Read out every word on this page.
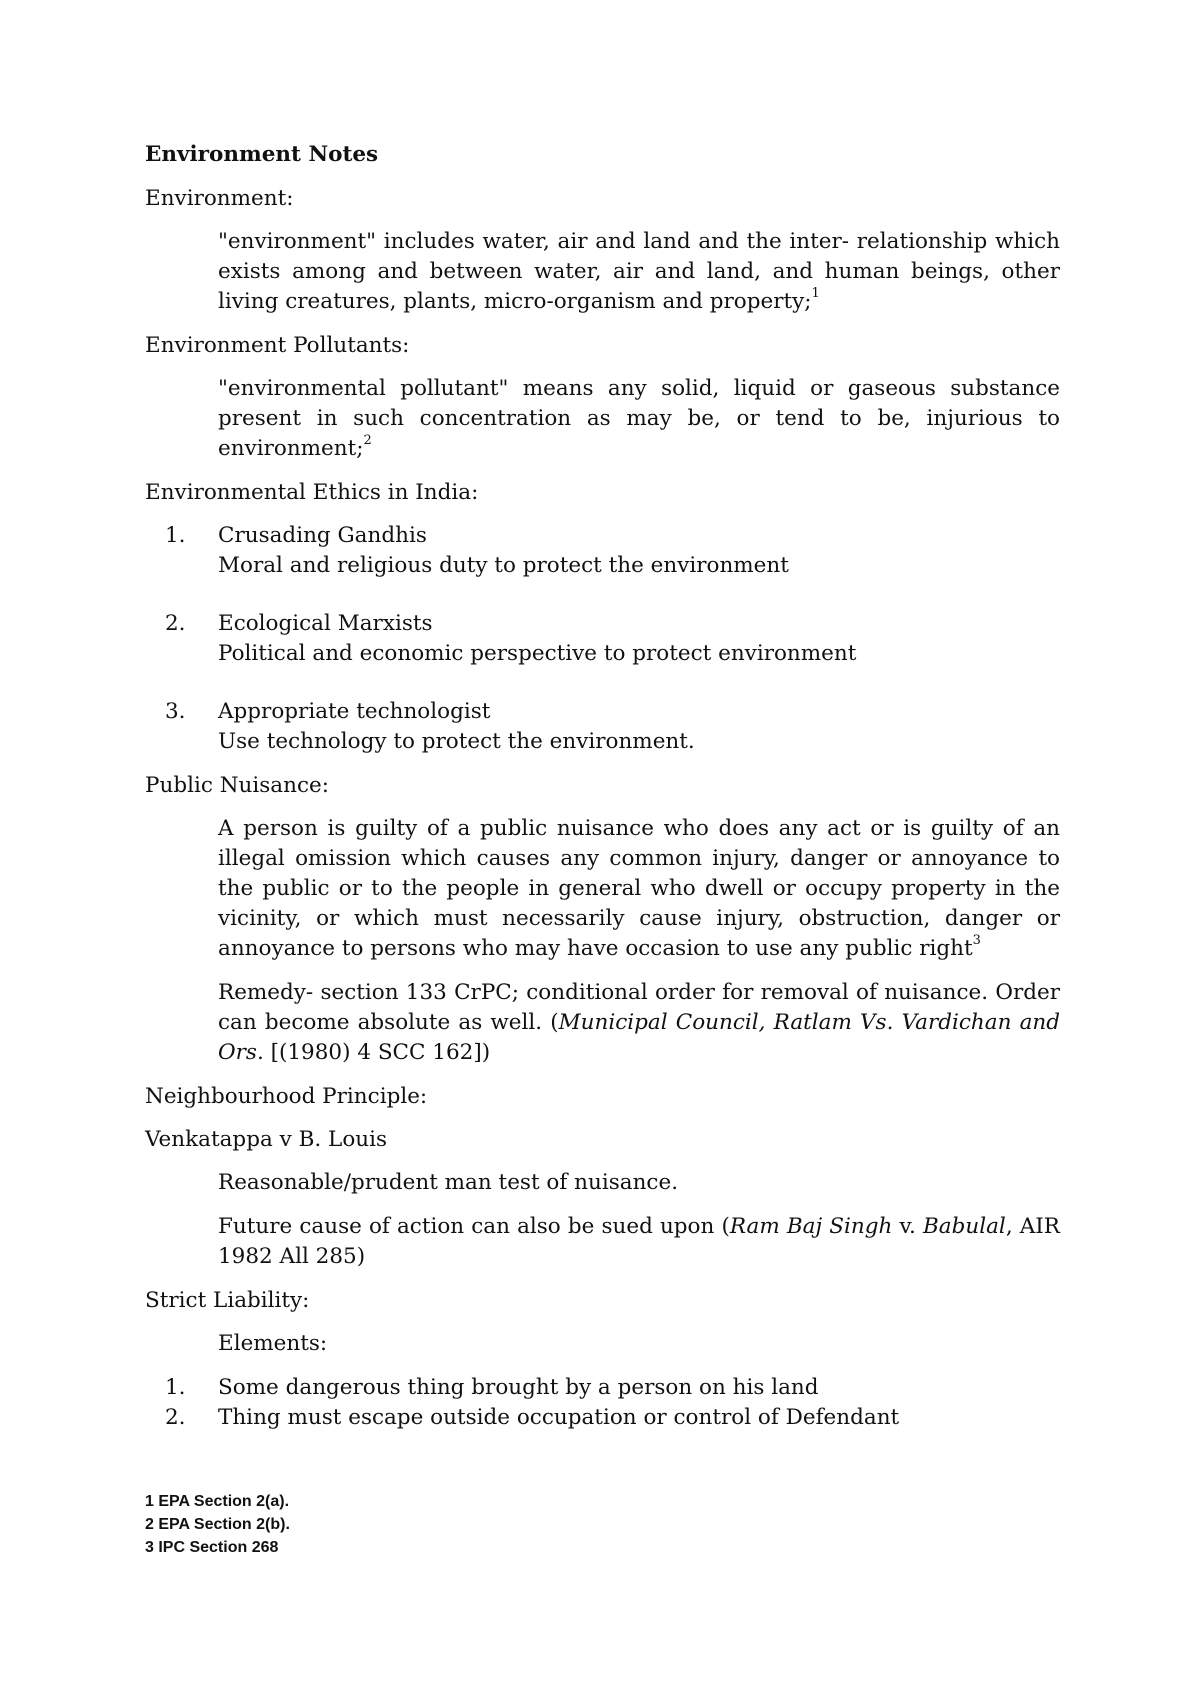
Environment Notes
Environment:
"environment" includes water, air and land and the inter- relationship which exists among and between water, air and land, and human beings, other living creatures, plants, micro-organism and property;$^1$
Environment Pollutants:
"environmental pollutant" means any solid, liquid or gaseous substance present in such concentration as may be, or tend to be, injurious to environment;$^2$
Environmental Ethics in India:
1.	Crusading Gandhis
Moral and religious duty to protect the environment
2.	Ecological Marxists
Political and economic perspective to protect environment
3.	Appropriate technologist
Use technology to protect the environment.
Public Nuisance:
A person is guilty of a public nuisance who does any act or is guilty of an illegal omission which causes any common injury, danger or annoyance to the public or to the people in general who dwell or occupy property in the vicinity, or which must necessarily cause injury, obstruction, danger or annoyance to persons who may have occasion to use any public right$^3$
Remedy- section 133 CrPC; conditional order for removal of nuisance. Order can become absolute as well. (Municipal Council, Ratlam Vs. Vardichan and Ors. [(1980) 4 SCC 162])
Neighbourhood Principle:
Venkatappa v B. Louis
Reasonable/prudent man test of nuisance.
Future cause of action can also be sued upon (Ram Baj Singh v. Babulal, AIR 1982 All 285)
Strict Liability:
Elements:
1.	Some dangerous thing brought by a person on his land
2.	Thing must escape outside occupation or control of Defendant
1 EPA Section 2(a).
2 EPA Section 2(b).
3 IPC Section 268
